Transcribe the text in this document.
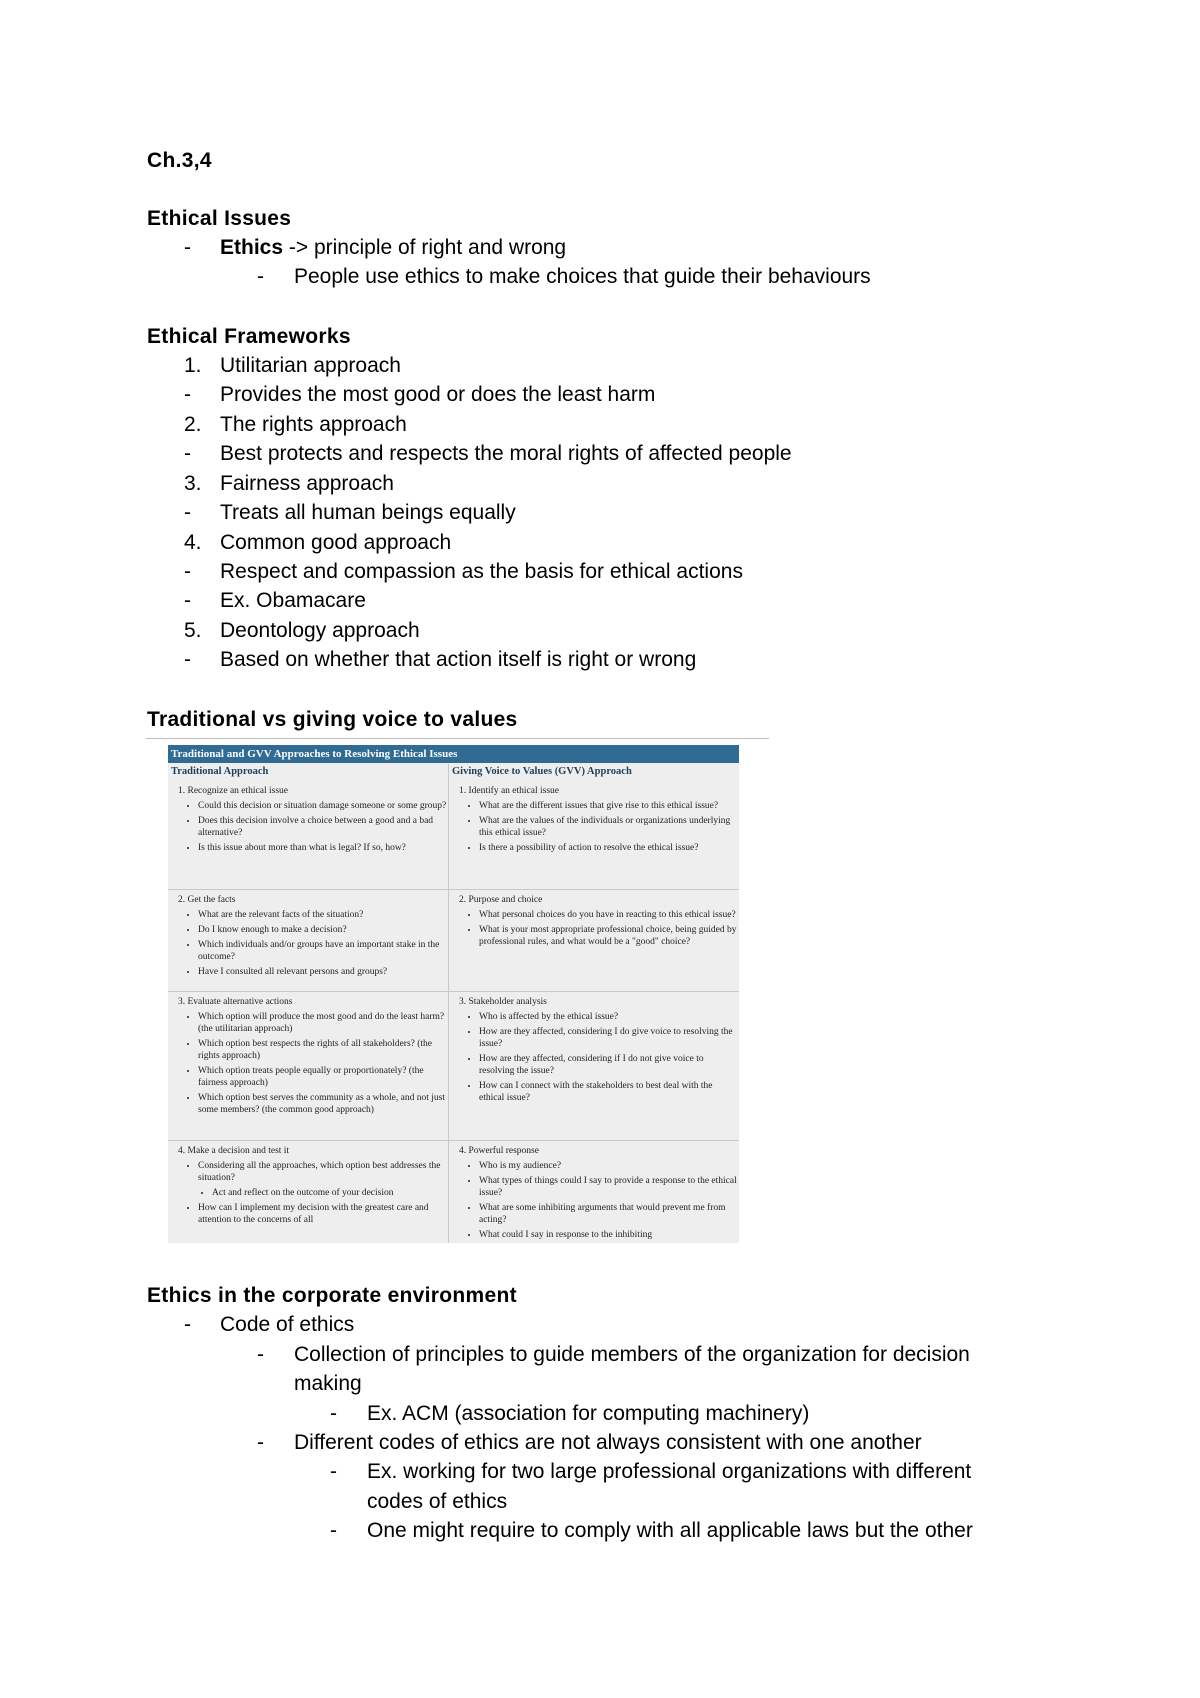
Ch.3,4
Ethical Issues
- Ethics -> principle of right and wrong
- People use ethics to make choices that guide their behaviours
Ethical Frameworks
1. Utilitarian approach
- Provides the most good or does the least harm
2. The rights approach
- Best protects and respects the moral rights of affected people
3. Fairness approach
- Treats all human beings equally
4. Common good approach
- Respect and compassion as the basis for ethical actions
- Ex. Obamacare
5. Deontology approach
- Based on whether that action itself is right or wrong
Traditional vs giving voice to values
Traditional and GVV Approaches to Resolving Ethical Issues
Traditional Approach	Giving Voice to Values (GVV) Approach
1. Recognize an ethical issue
• Could this decision or situation damage someone or some group?
• Does this decision involve a choice between a good and a bad alternative?
• Is this issue about more than what is legal? If so, how?
1. Identify an ethical issue
• What are the different issues that give rise to this ethical issue?
• What are the values of the individuals or organizations underlying this ethical issue?
• Is there a possibility of action to resolve the ethical issue?
2. Get the facts
• What are the relevant facts of the situation?
• Do I know enough to make a decision?
• Which individuals and/or groups have an important stake in the outcome?
• Have I consulted all relevant persons and groups?
2. Purpose and choice
• What personal choices do you have in reacting to this ethical issue?
• What is your most appropriate professional choice, being guided by professional rules, and what would be a "good" choice?
3. Evaluate alternative actions
• Which option will produce the most good and do the least harm? (the utilitarian approach)
• Which option best respects the rights of all stakeholders? (the rights approach)
• Which option treats people equally or proportionately? (the fairness approach)
• Which option best serves the community as a whole, and not just some members? (the common good approach)
3. Stakeholder analysis
• Who is affected by the ethical issue?
• How are they affected, considering I do give voice to resolving the issue?
• How are they affected, considering if I do not give voice to resolving the issue?
• How can I connect with the stakeholders to best deal with the ethical issue?
4. Make a decision and test it
• Considering all the approaches, which option best addresses the situation?
• Act and reflect on the outcome of your decision
• How can I implement my decision with the greatest care and attention to the concerns of all
4. Powerful response
• Who is my audience?
• What types of things could I say to provide a response to the ethical issue?
• What are some inhibiting arguments that would prevent me from acting?
• What could I say in response to the inhibiting
Ethics in the corporate environment
- Code of ethics
- Collection of principles to guide members of the organization for decision
making
- Ex. ACM (association for computing machinery)
- Different codes of ethics are not always consistent with one another
- Ex. working for two large professional organizations with different
codes of ethics
- One might require to comply with all applicable laws but the other
